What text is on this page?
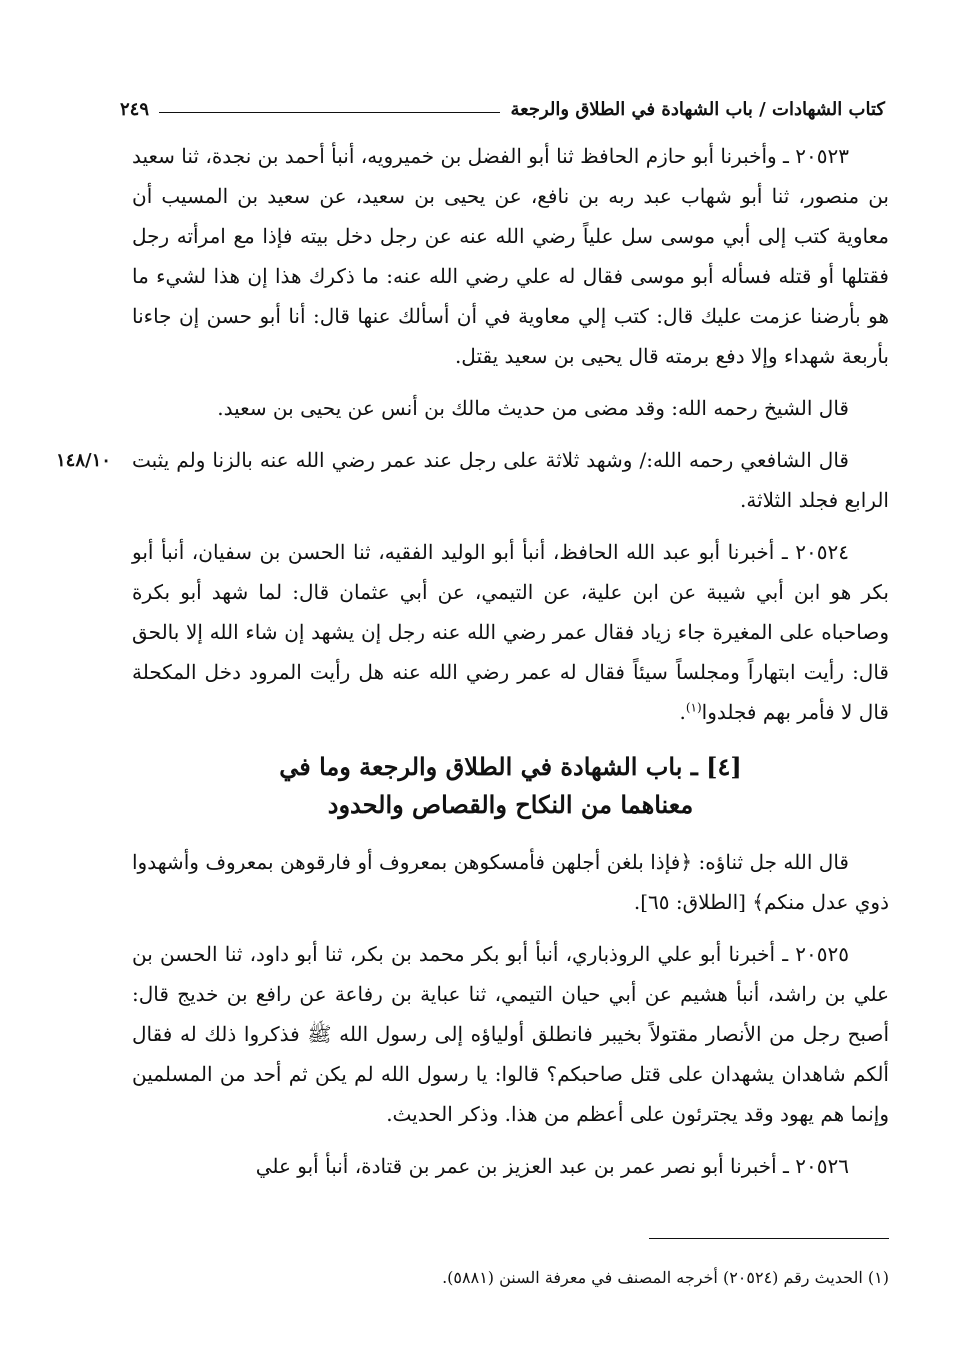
كتاب الشهادات / باب الشهادة في الطلاق والرجعة
٢٤٩
١٤٨/١٠

٢٠٥٢٣ ـ وأخبرنا أبو حازم الحافظ ثنا أبو الفضل بن خميرويه، أنبأ أحمد بن نجدة، ثنا سعيد بن منصور، ثنا أبو شهاب عبد ربه بن نافع، عن يحيى بن سعيد، عن سعيد بن المسيب أن معاوية كتب إلى أبي موسى سل علياً رضي الله عنه عن رجل دخل بيته فإذا مع امرأته رجل فقتلها أو قتله فسأله أبو موسى فقال له علي رضي الله عنه: ما ذكرك هذا إن هذا لشيء ما هو بأرضنا عزمت عليك قال: كتب إلي معاوية في أن أسألك عنها قال: أنا أبو حسن إن جاءنا بأربعة شهداء وإلا دفع برمته قال يحيى بن سعيد يقتل.

قال الشيخ رحمه الله: وقد مضى من حديث مالك بن أنس عن يحيى بن سعيد.

قال الشافعي رحمه الله:/ وشهد ثلاثة على رجل عند عمر رضي الله عنه بالزنا ولم يثبت الرابع فجلد الثلاثة.

٢٠٥٢٤ ـ أخبرنا أبو عبد الله الحافظ، أنبأ أبو الوليد الفقيه، ثنا الحسن بن سفيان، أنبأ أبو بكر هو ابن أبي شيبة عن ابن علية، عن التيمي، عن أبي عثمان قال: لما شهد أبو بكرة وصاحباه على المغيرة جاء زياد فقال عمر رضي الله عنه رجل إن يشهد إن شاء الله إلا بالحق قال: رأيت ابتهاراً ومجلساً سيئاً فقال له عمر رضي الله عنه هل رأيت المرود دخل المكحلة قال لا فأمر بهم فجلدوا$^{(١)}$.

[٤] ـ باب الشهادة في الطلاق والرجعة وما في
معناهما من النكاح والقصاص والحدود

قال الله جل ثناؤه: ﴿فإذا بلغن أجلهن فأمسكوهن بمعروف أو فارقوهن بمعروف وأشهدوا ذوي عدل منكم﴾ [الطلاق: ٦٥].

٢٠٥٢٥ ـ أخبرنا أبو علي الروذباري، أنبأ أبو بكر محمد بن بكر، ثنا أبو داود، ثنا الحسن بن علي بن راشد، أنبأ هشيم عن أبي حيان التيمي، ثنا عباية بن رفاعة عن رافع بن خديج قال: أصبح رجل من الأنصار مقتولاً بخيبر فانطلق أولياؤه إلى رسول الله ﷺ فذكروا ذلك له فقال ألكم شاهدان يشهدان على قتل صاحبكم؟ قالوا: يا رسول الله لم يكن ثم أحد من المسلمين وإنما هم يهود وقد يجترئون على أعظم من هذا. وذكر الحديث.

٢٠٥٢٦ ـ أخبرنا أبو نصر عمر بن عبد العزيز بن عمر بن قتادة، أنبأ أبو علي

(١) الحديث رقم (٢٠٥٢٤) أخرجه المصنف في معرفة السنن (٥٨٨١).
